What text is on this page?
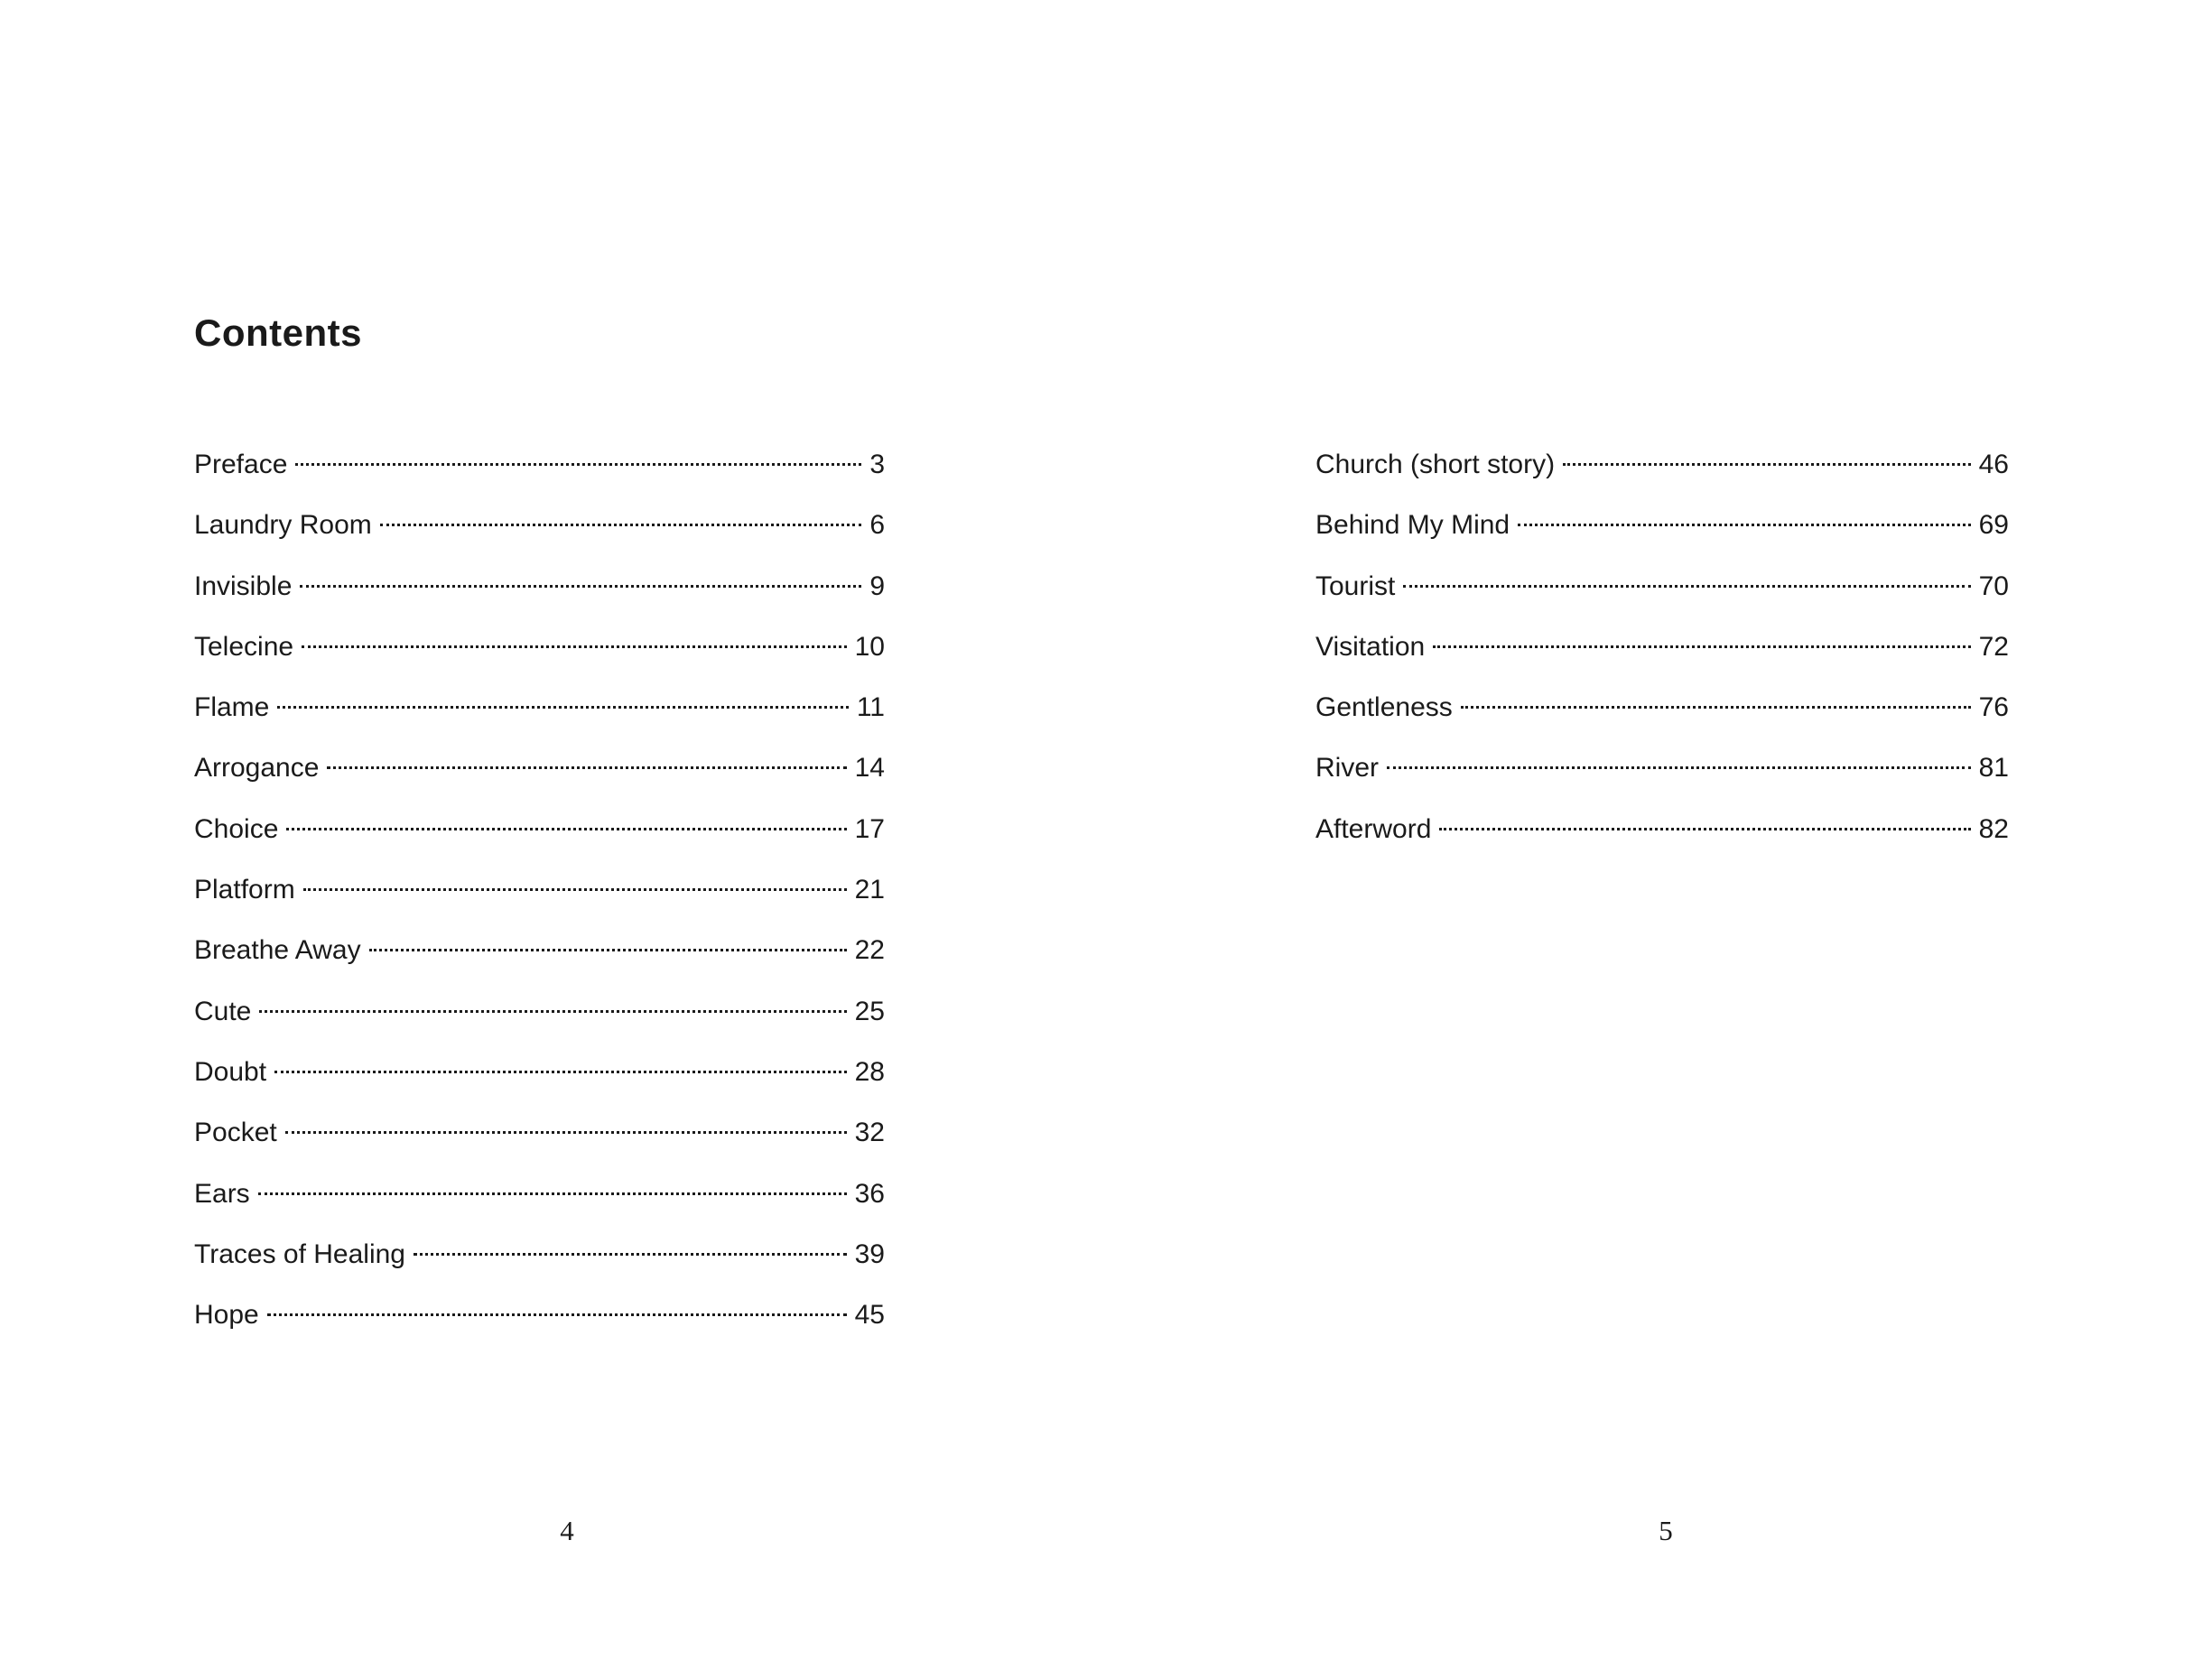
Contents
Preface	3
Laundry Room	6
Invisible	9
Telecine	10
Flame	11
Arrogance	14
Choice	17
Platform	21
Breathe Away	22
Cute	25
Doubt	28
Pocket	32
Ears	36
Traces of Healing	39
Hope	45
Church (short story)	46
Behind My Mind	69
Tourist	70
Visitation	72
Gentleness	76
River	81
Afterword	82

4	5
